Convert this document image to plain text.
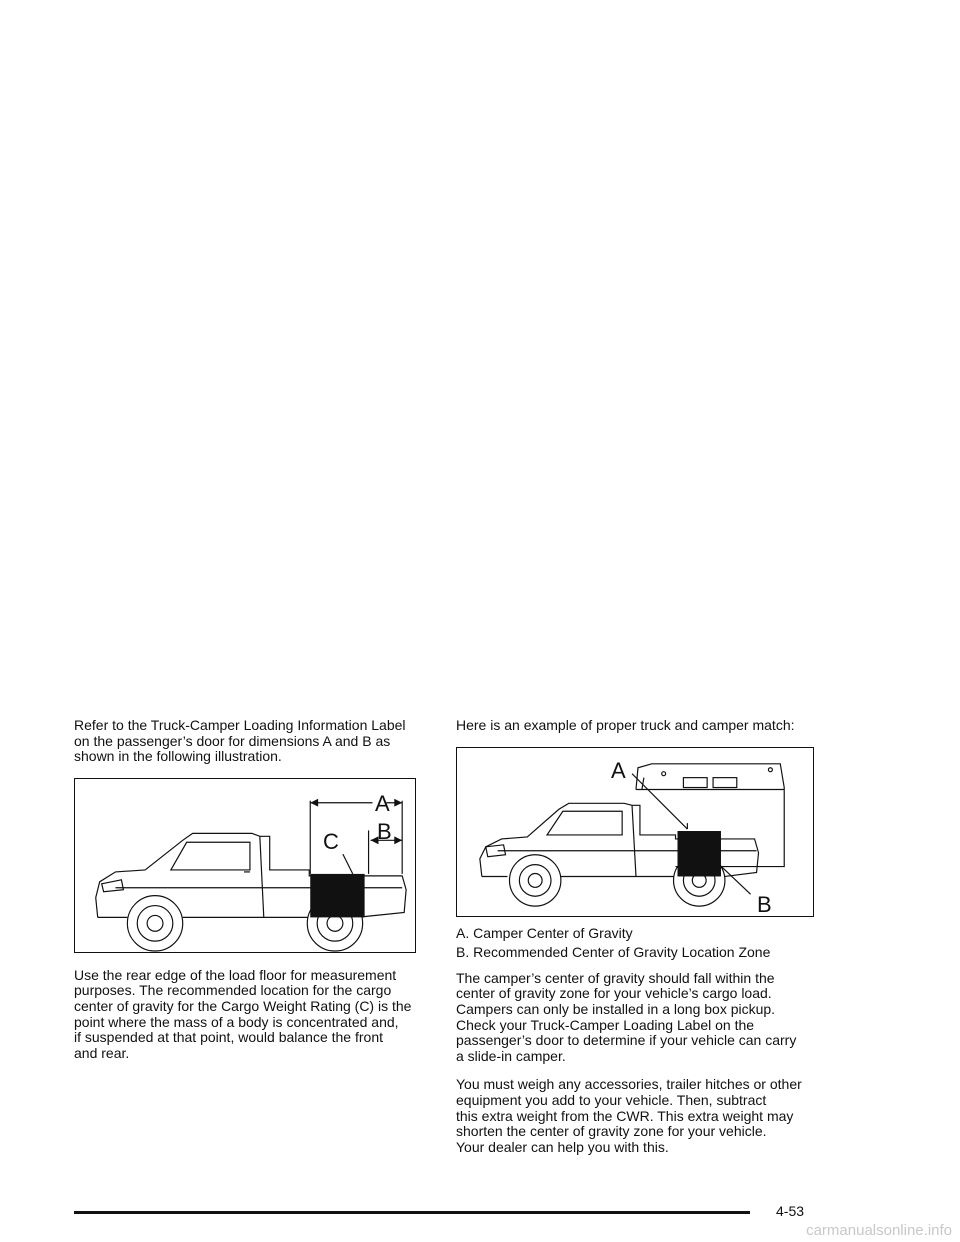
Refer to the Truck-Camper Loading Information Label
on the passenger’s door for dimensions A and B as
shown in the following illustration.

A
B
C

Use the rear edge of the load floor for measurement
purposes. The recommended location for the cargo
center of gravity for the Cargo Weight Rating (C) is the
point where the mass of a body is concentrated and,
if suspended at that point, would balance the front
and rear.

Here is an example of proper truck and camper match:

A
B

A. Camper Center of Gravity

B. Recommended Center of Gravity Location Zone

The camper’s center of gravity should fall within the
center of gravity zone for your vehicle’s cargo load.
Campers can only be installed in a long box pickup.
Check your Truck-Camper Loading Label on the
passenger’s door to determine if your vehicle can carry
a slide-in camper.

You must weigh any accessories, trailer hitches or other
equipment you add to your vehicle. Then, subtract
this extra weight from the CWR. This extra weight may
shorten the center of gravity zone for your vehicle.
Your dealer can help you with this.

4-53
carmanualsonline.info
